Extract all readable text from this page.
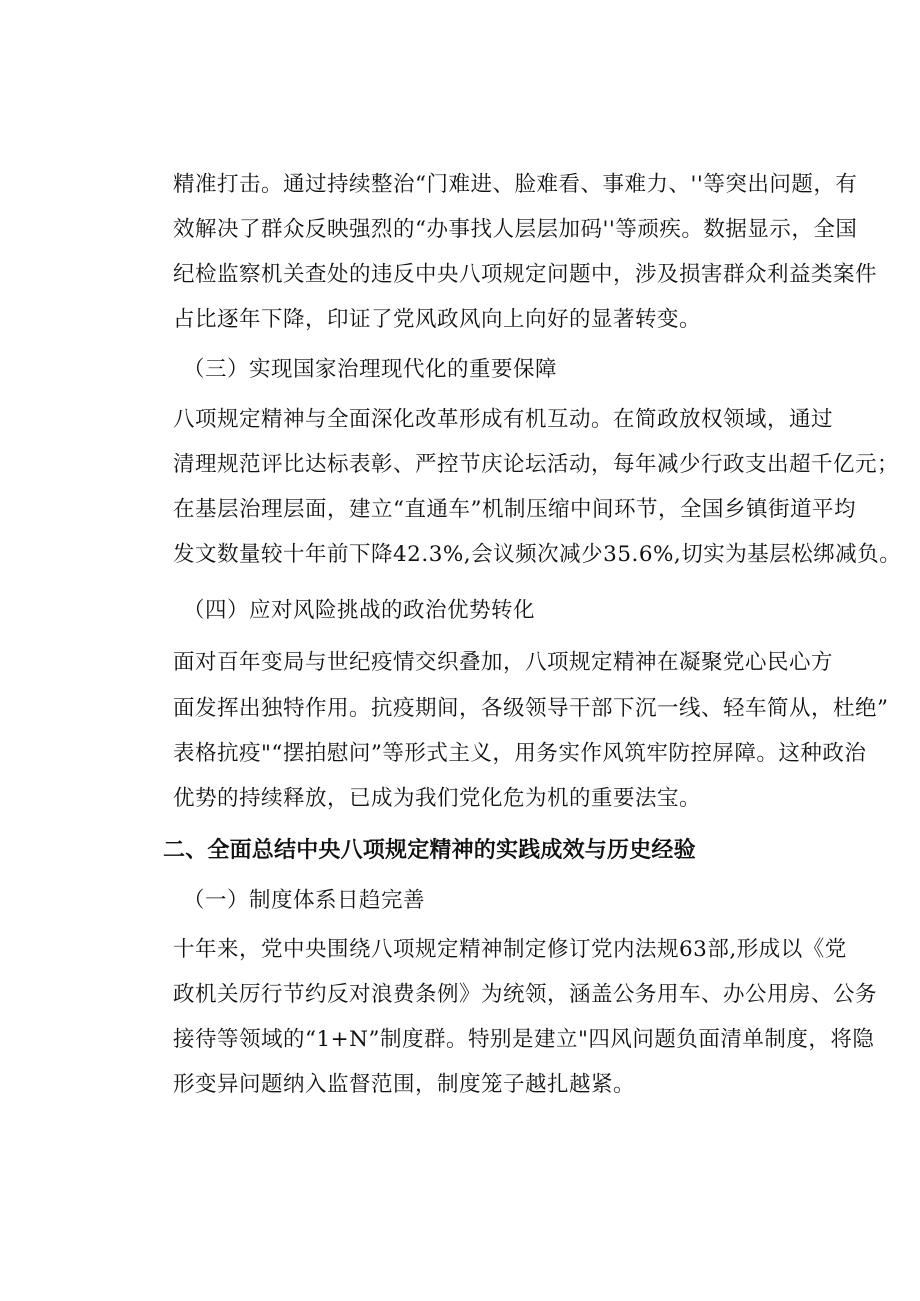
精准打击。通过持续整治“门难进、脸难看、事难力、''等突出问题，有
效解决了群众反映强烈的“办事找人层层加码''等顽疾。数据显示，全国
纪检监察机关查处的违反中央八项规定问题中，涉及损害群众利益类案件
占比逐年下降，印证了党风政风向上向好的显著转变。
（三）实现国家治理现代化的重要保障
八项规定精神与全面深化改革形成有机互动。在简政放权领域，通过
清理规范评比达标表彰、严控节庆论坛活动，每年减少行政支出超千亿元；
在基层治理层面，建立“直通车”机制压缩中间环节，全国乡镇街道平均
发文数量较十年前下降42.3%,会议频次减少35.6%,切实为基层松绑减负。
（四）应对风险挑战的政治优势转化
面对百年变局与世纪疫情交织叠加，八项规定精神在凝聚党心民心方
面发挥出独特作用。抗疫期间，各级领导干部下沉一线、轻车简从，杜绝”
表格抗疫"“摆拍慰问”等形式主义，用务实作风筑牢防控屏障。这种政治
优势的持续释放，已成为我们党化危为机的重要法宝。
二、全面总结中央八项规定精神的实践成效与历史经验
（一）制度体系日趋完善
十年来，党中央围绕八项规定精神制定修订党内法规63部,形成以《党
政机关厉行节约反对浪费条例》为统领，涵盖公务用车、办公用房、公务
接待等领域的“1+N”制度群。特别是建立"四风问题负面清单制度，将隐
形变异问题纳入监督范围，制度笼子越扎越紧。
